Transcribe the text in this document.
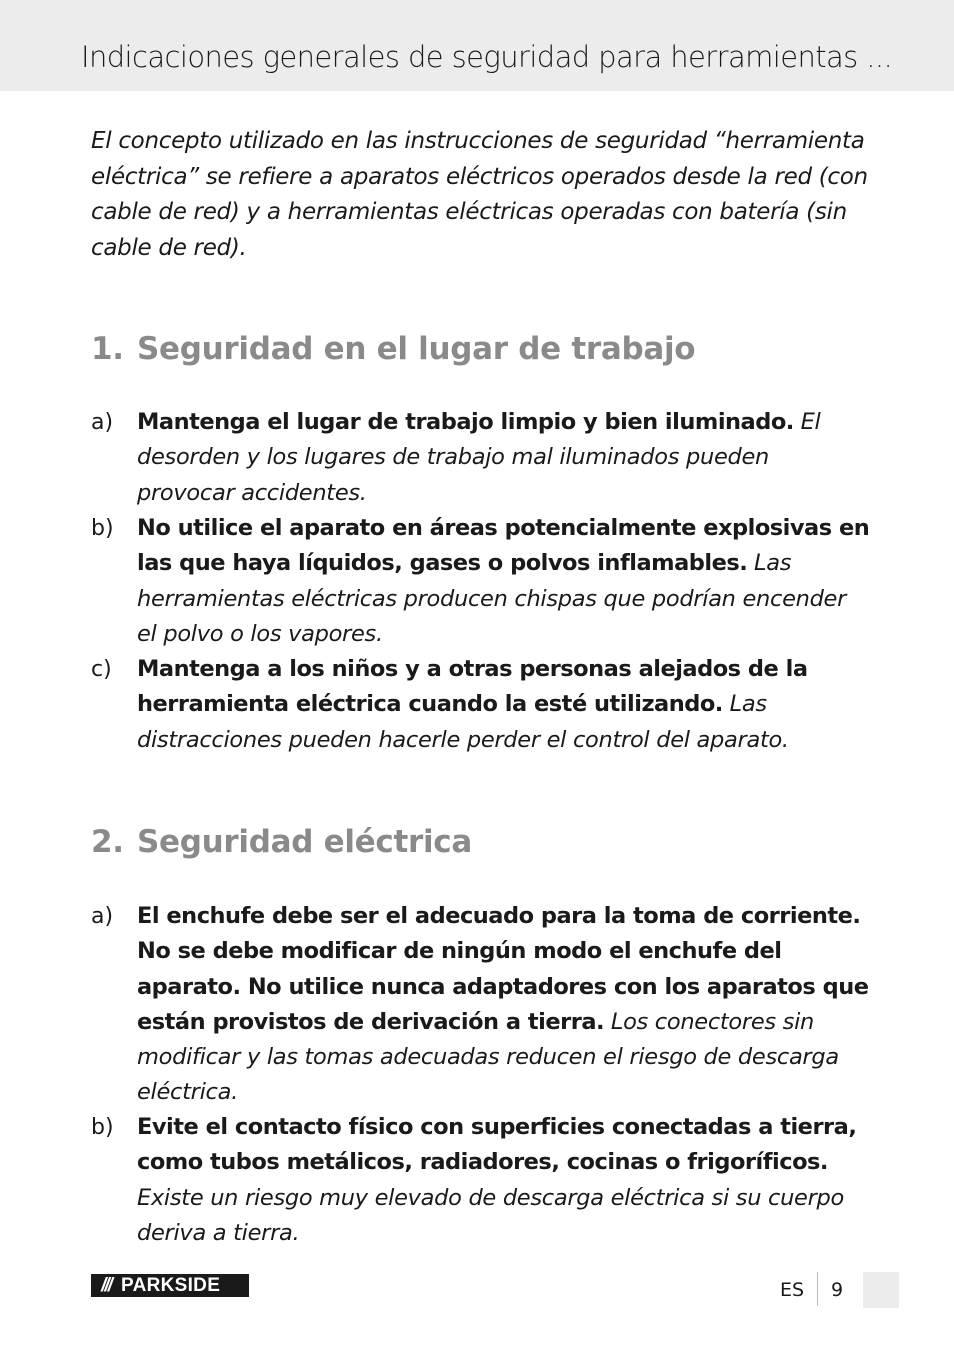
Indicaciones generales de seguridad para herramientas ...

El concepto utilizado en las instrucciones de seguridad “herramienta eléctrica” se refiere a aparatos eléctricos operados desde la red (con cable de red) y a herramientas eléctricas operadas con batería (sin cable de red).

1. Seguridad en el lugar de trabajo
a) Mantenga el lugar de trabajo limpio y bien iluminado. El desorden y los lugares de trabajo mal iluminados pueden provocar accidentes.
b) No utilice el aparato en áreas potencialmente explosivas en las que haya líquidos, gases o polvos inflamables. Las herramientas eléctricas producen chispas que podrían encender el polvo o los vapores.
c) Mantenga a los niños y a otras personas alejados de la herramienta eléctrica cuando la esté utilizando. Las distracciones pueden hacerle perder el control del aparato.
2. Seguridad eléctrica
a) El enchufe debe ser el adecuado para la toma de corriente. No se debe modificar de ningún modo el enchufe del aparato. No utilice nunca adaptadores con los aparatos que están provistos de derivación a tierra. Los conectores sin modificar y las tomas adecuadas reducen el riesgo de descarga eléctrica.
b) Evite el contacto físico con superficies conectadas a tierra, como tubos metálicos, radiadores, cocinas o frigoríficos. Existe un riesgo muy elevado de descarga eléctrica si su cuerpo deriva a tierra.
/// PARKSIDE	ES 9
